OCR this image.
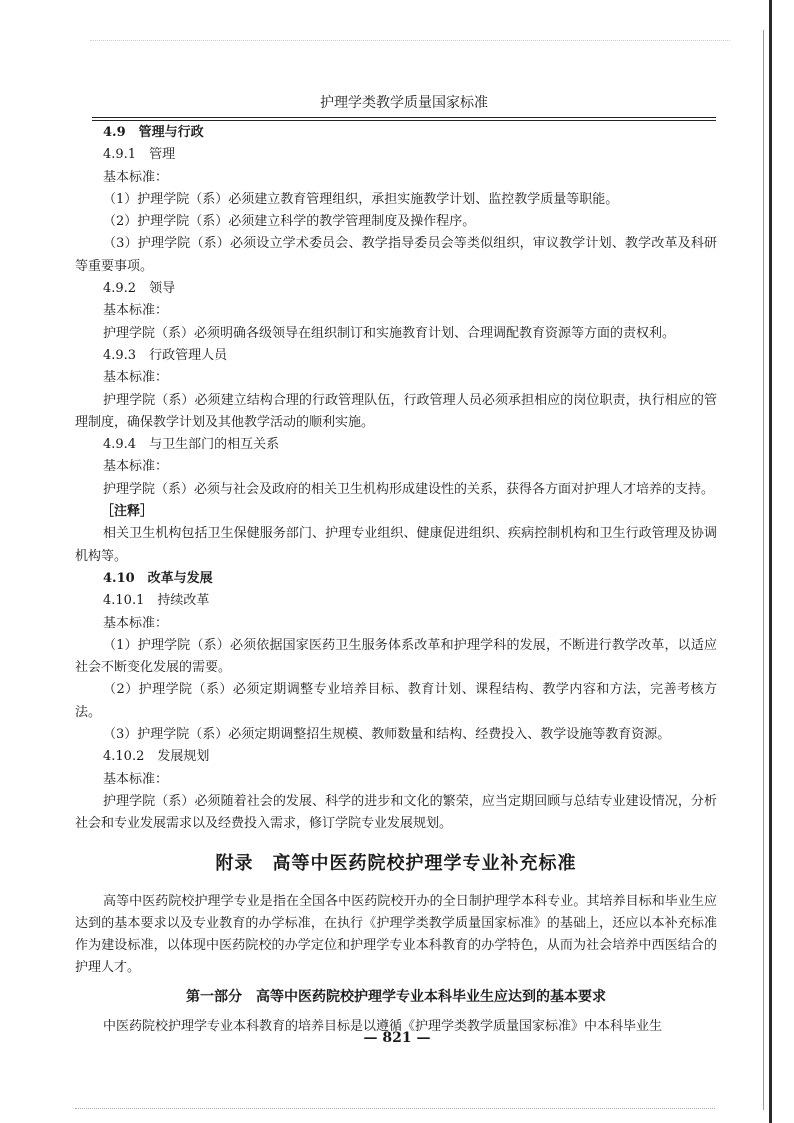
护理学类教学质量国家标准

4.9　管理与行政

4.9.1　管理

基本标准：

（1）护理学院（系）必须建立教育管理组织，承担实施教学计划、监控教学质量等职能。

（2）护理学院（系）必须建立科学的教学管理制度及操作程序。

（3）护理学院（系）必须设立学术委员会、教学指导委员会等类似组织，审议教学计划、教学改革及科研等重要事项。

4.9.2　领导

基本标准：

护理学院（系）必须明确各级领导在组织制订和实施教育计划、合理调配教育资源等方面的责权利。

4.9.3　行政管理人员

基本标准：

护理学院（系）必须建立结构合理的行政管理队伍，行政管理人员必须承担相应的岗位职责，执行相应的管理制度，确保教学计划及其他教学活动的顺利实施。

4.9.4　与卫生部门的相互关系

基本标准：

护理学院（系）必须与社会及政府的相关卫生机构形成建设性的关系，获得各方面对护理人才培养的支持。

［注释］

相关卫生机构包括卫生保健服务部门、护理专业组织、健康促进组织、疾病控制机构和卫生行政管理及协调机构等。

4.10　改革与发展

4.10.1　持续改革

基本标准：

（1）护理学院（系）必须依据国家医药卫生服务体系改革和护理学科的发展，不断进行教学改革，以适应社会不断变化发展的需要。

（2）护理学院（系）必须定期调整专业培养目标、教育计划、课程结构、教学内容和方法，完善考核方法。

（3）护理学院（系）必须定期调整招生规模、教师数量和结构、经费投入、教学设施等教育资源。

4.10.2　发展规划

基本标准：

护理学院（系）必须随着社会的发展、科学的进步和文化的繁荣，应当定期回顾与总结专业建设情况，分析社会和专业发展需求以及经费投入需求，修订学院专业发展规划。

附录　高等中医药院校护理学专业补充标准

高等中医药院校护理学专业是指在全国各中医药院校开办的全日制护理学本科专业。其培养目标和毕业生应达到的基本要求以及专业教育的办学标准，在执行《护理学类教学质量国家标准》的基础上，还应以本补充标准作为建设标准，以体现中医药院校的办学定位和护理学专业本科教育的办学特色，从而为社会培养中西医结合的护理人才。

第一部分　高等中医药院校护理学专业本科毕业生应达到的基本要求

中医药院校护理学专业本科教育的培养目标是以遵循《护理学类教学质量国家标准》中本科毕业生

— 821 —
